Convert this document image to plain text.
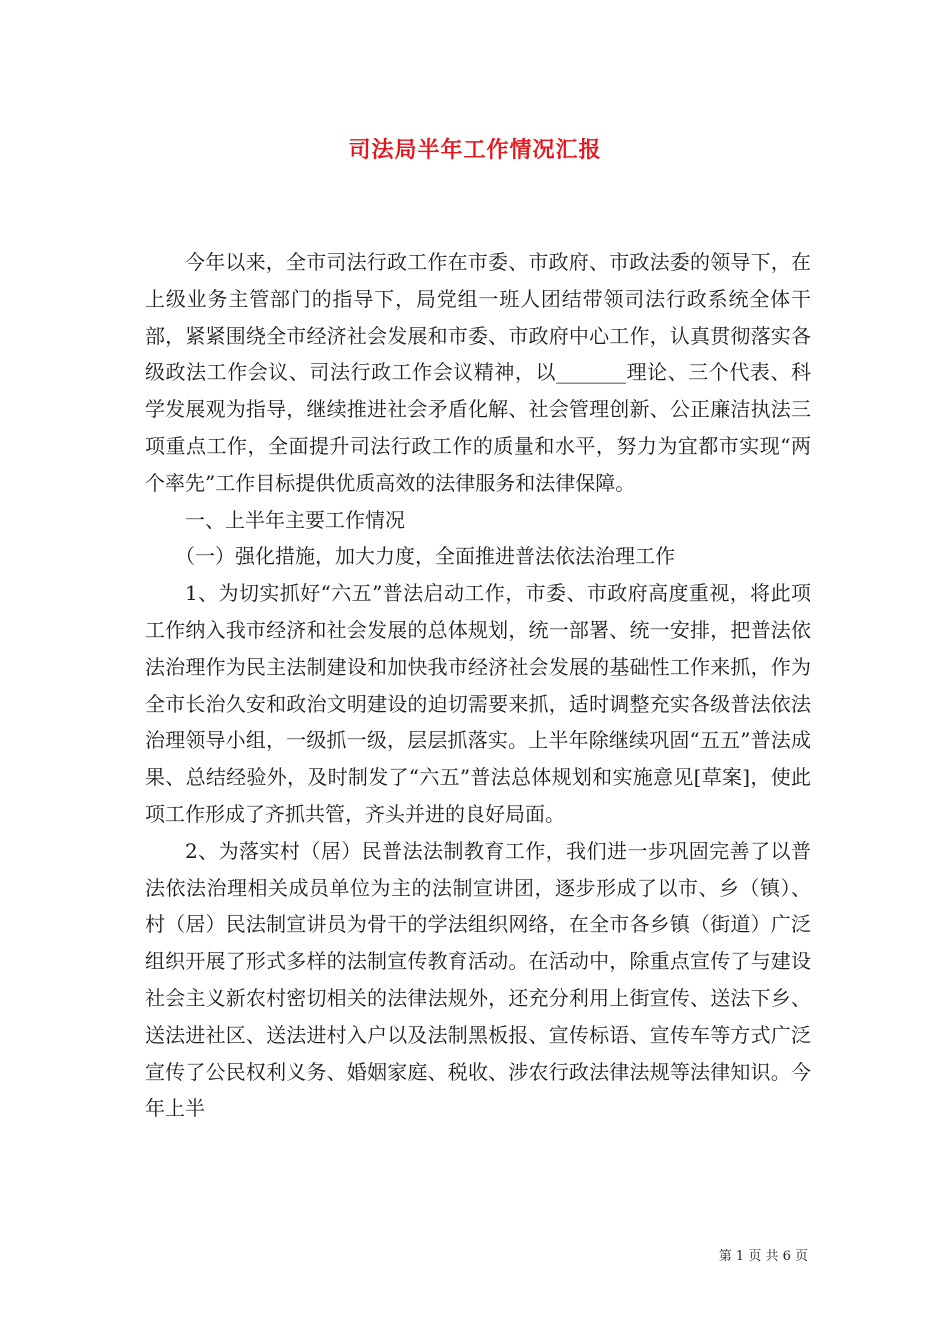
司法局半年工作情况汇报

今年以来，全市司法行政工作在市委、市政府、市政法委的领导下，在上级业务主管部门的指导下，局党组一班人团结带领司法行政系统全体干部，紧紧围绕全市经济社会发展和市委、市政府中心工作，认真贯彻落实各级政法工作会议、司法行政工作会议精神，以_______理论、三个代表、科学发展观为指导，继续推进社会矛盾化解、社会管理创新、公正廉洁执法三项重点工作，全面提升司法行政工作的质量和水平，努力为宜都市实现“两个率先”工作目标提供优质高效的法律服务和法律保障。

一、上半年主要工作情况

（一）强化措施，加大力度，全面推进普法依法治理工作

1、为切实抓好“六五”普法启动工作，市委、市政府高度重视，将此项工作纳入我市经济和社会发展的总体规划，统一部署、统一安排，把普法依法治理作为民主法制建设和加快我市经济社会发展的基础性工作来抓，作为全市长治久安和政治文明建设的迫切需要来抓，适时调整充实各级普法依法治理领导小组，一级抓一级，层层抓落实。上半年除继续巩固“五五”普法成果、总结经验外，及时制发了“六五”普法总体规划和实施意见[草案]，使此项工作形成了齐抓共管，齐头并进的良好局面。

2、为落实村（居）民普法法制教育工作，我们进一步巩固完善了以普法依法治理相关成员单位为主的法制宣讲团，逐步形成了以市、乡（镇）、村（居）民法制宣讲员为骨干的学法组织网络，在全市各乡镇（街道）广泛组织开展了形式多样的法制宣传教育活动。在活动中，除重点宣传了与建设社会主义新农村密切相关的法律法规外，还充分利用上街宣传、送法下乡、送法进社区、送法进村入户以及法制黑板报、宣传标语、宣传车等方式广泛宣传了公民权利义务、婚姻家庭、税收、涉农行政法律法规等法律知识。今年上半

第 1 页 共 6 页
